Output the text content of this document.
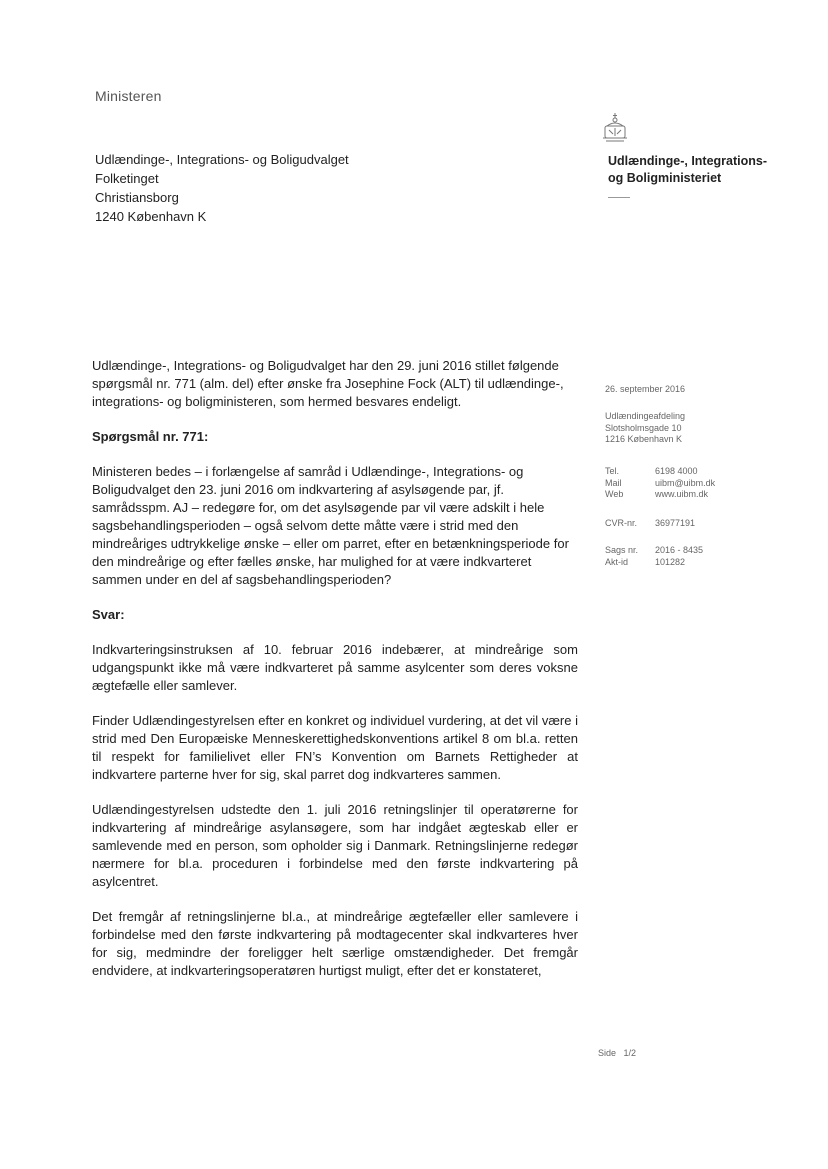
Ministeren
Udlændinge-, Integrations- og Boligudvalget
Folketinget
Christiansborg
1240 København K
Udlændinge-, Integrations-
og Boligministeriet

Udlændinge-, Integrations- og Boligudvalget har den 29. juni 2016 stillet følgende spørgsmål nr. 771 (alm. del) efter ønske fra Josephine Fock (ALT) til udlændinge-, integrations- og boligministeren, som hermed besvares endeligt.

Spørgsmål nr. 771:

Ministeren bedes – i forlængelse af samråd i Udlændinge-, Integrations- og Boligudvalget den 23. juni 2016 om indkvartering af asylsøgende par, jf. samrådsspm. AJ – redegøre for, om det asylsøgende par vil være adskilt i hele sagsbehandlingsperioden – også selvom dette måtte være i strid med den mindreåriges udtrykkelige ønske – eller om parret, efter en betænkningsperiode for den mindreårige og efter fælles ønske, har mulighed for at være indkvarteret sammen under en del af sagsbehandlingsperioden?

Svar:

Indkvarteringsinstruksen af 10. februar 2016 indebærer, at mindreårige som udgangspunkt ikke må være indkvarteret på samme asylcenter som deres voksne ægtefælle eller samlever.

Finder Udlændingestyrelsen efter en konkret og individuel vurdering, at det vil være i strid med Den Europæiske Menneskerettighedskonventions artikel 8 om bl.a. retten til respekt for familielivet eller FN’s Konvention om Barnets Rettigheder at indkvartere parterne hver for sig, skal parret dog indkvarteres sammen.

Udlændingestyrelsen udstedte den 1. juli 2016 retningslinjer til operatørerne for indkvartering af mindreårige asylansøgere, som har indgået ægteskab eller er samlevende med en person, som opholder sig i Danmark. Retningslinjerne redegør nærmere for bl.a. proceduren i forbindelse med den første indkvartering på asylcentret.

Det fremgår af retningslinjerne bl.a., at mindreårige ægtefæller eller samlevere i forbindelse med den første indkvartering på modtagecenter skal indkvarteres hver for sig, medmindre der foreligger helt særlige omstændigheder. Det fremgår endvidere, at indkvarteringsoperatøren hurtigst muligt, efter det er konstateret,

26. september 2016
Udlændingeafdeling
Slotsholmsgade 10
1216 København K
Tel.	6198 4000
Mail	uibm@uibm.dk
Web	www.uibm.dk
CVR-nr.	36977191
Sags nr.	2016 - 8435
Akt-id	101282
Side 1/2
